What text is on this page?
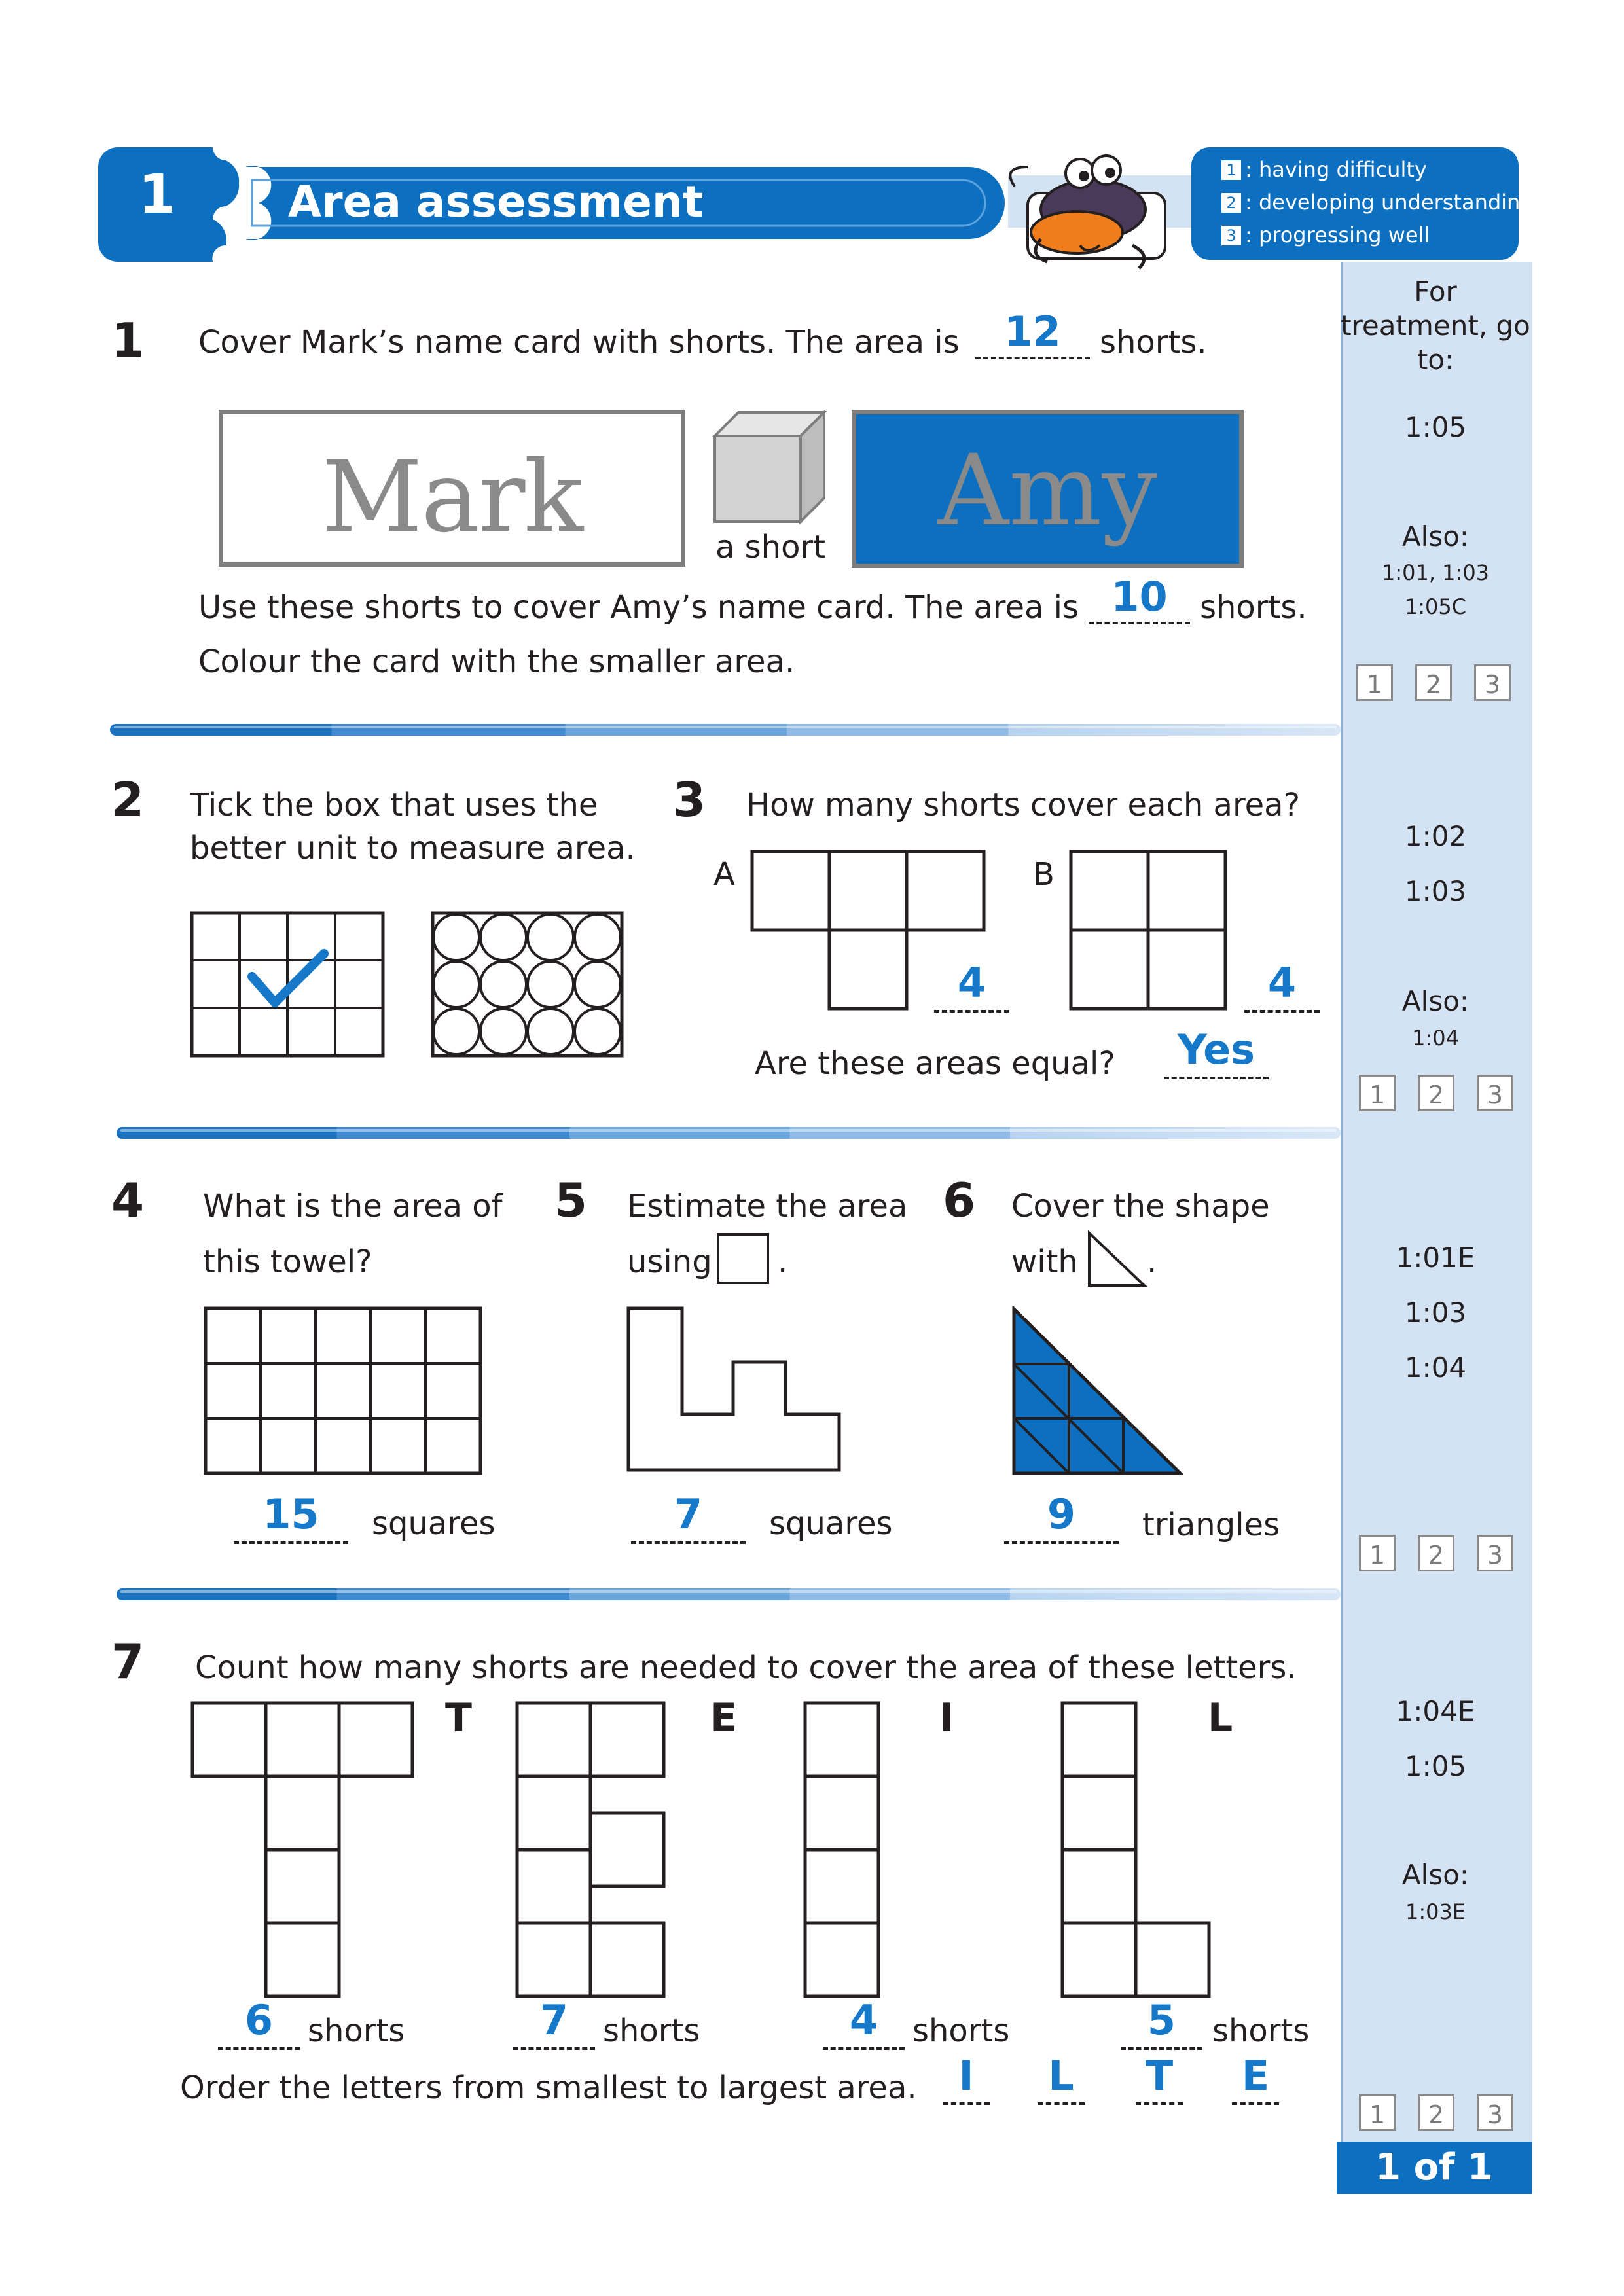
1	Area assessment
1 : having difficulty
2 : developing understanding
3 : progressing well
For treatment, go to:
1:05
Also:
1:01, 1:03
1:05C
1	2	3
1:02
1:03
Also:
1:04
1	2	3
1:01E
1:03
1:04
1	2	3
1:04E
1:05
Also:
1:03E
1	2	3
1 of 1
1 Cover Mark’s name card with shorts. The area is	12	shorts.
Mark	a short	Amy
Use these shorts to cover Amy’s name card. The area is 10	shorts.
Colour the card with the smaller area.
2 Tick the box that uses the
better unit to measure area.
3 How many shorts cover each area?
A	B
4	4
Are these areas equal?	Yes
4 What is the area of
this towel?
15	squares
5 Estimate the area
using .
7	squares
6 Cover the shape
with .
9	triangles
7 Count how many shorts are needed to cover the area of these letters.
T	E	I	L
6	shorts	7	shorts	4	shorts	5	shorts
Order the letters from smallest to largest area.	I	L T E
